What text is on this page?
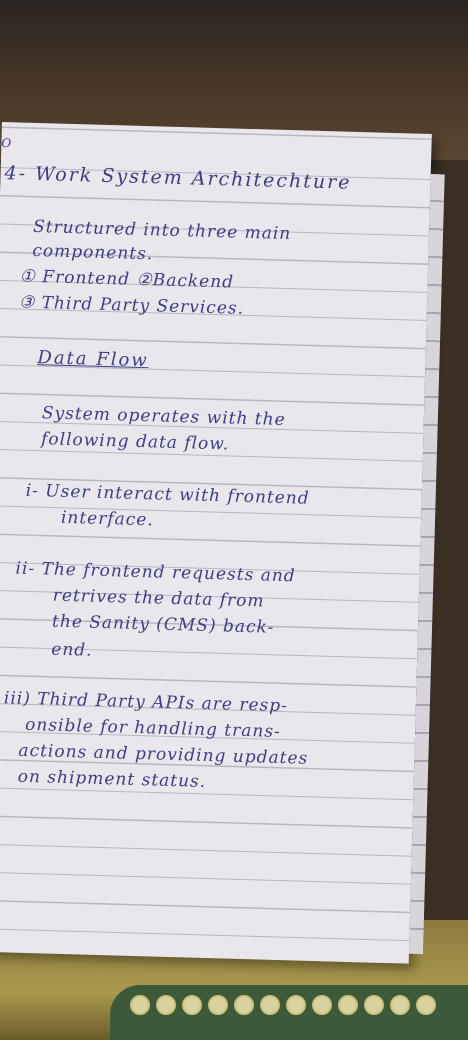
O

4- Work System Architechture

Structured into three main

components.

① Frontend ②Backend

③ Third Party Services.

Data Flow

System operates with the

following data flow.

i- User interact with frontend

interface.

ii- The frontend requests and

retrives the data from

the Sanity (CMS) back-

end.

iii) Third Party APIs are resp-

onsible for handling trans-

actions and providing updates

on shipment status.
